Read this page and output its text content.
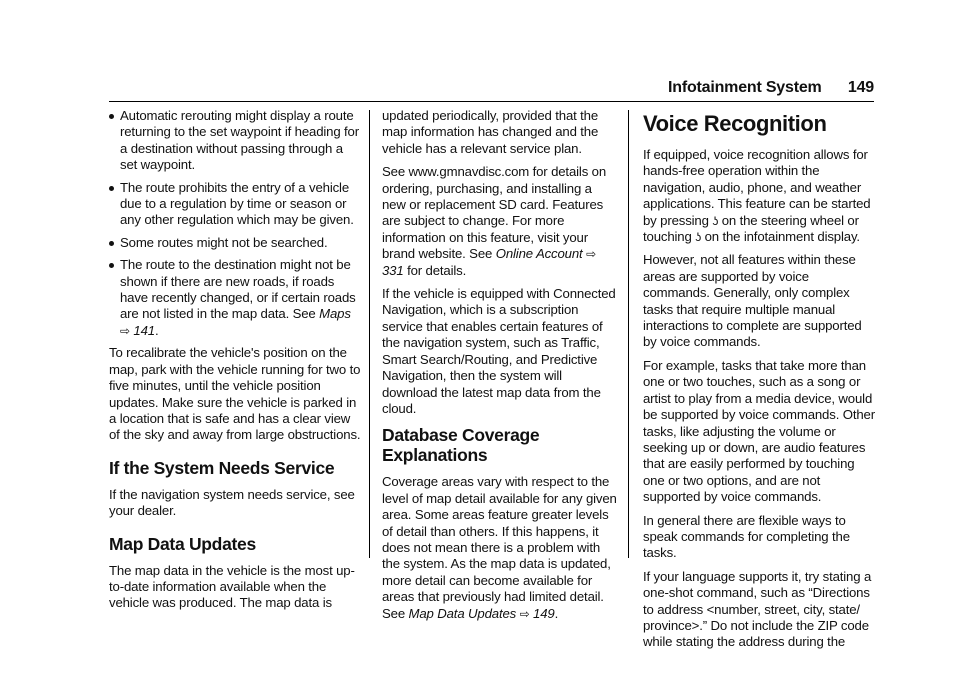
Infotainment System 149
Automatic rerouting might display a route returning to the set waypoint if heading for a destination without passing through a set waypoint.
The route prohibits the entry of a vehicle due to a regulation by time or season or any other regulation which may be given.
Some routes might not be searched.
The route to the destination might not be shown if there are new roads, if roads have recently changed, or if certain roads are not listed in the map data. See Maps
⇨ 141.

To recalibrate the vehicle's position on the map, park with the vehicle running for two to five minutes, until the vehicle position updates. Make sure the vehicle is parked in a location that is safe and has a clear view of the sky and away from large obstructions.

If the System Needs Service

If the navigation system needs service, see your dealer.

Map Data Updates

The map data in the vehicle is the most up-to-date information available when the vehicle was produced. The map data is

updated periodically, provided that the map information has changed and the vehicle has a relevant service plan.

See www.gmnavdisc.com for details on ordering, purchasing, and installing a new or replacement SD card. Features are subject to change. For more information on this feature, visit your brand website. See Online Account ⇨ 331 for details.

If the vehicle is equipped with Connected Navigation, which is a subscription service that enables certain features of the navigation system, such as Traffic, Smart Search/Routing, and Predictive Navigation, then the system will download the latest map data from the cloud.

Database Coverage Explanations

Coverage areas vary with respect to the level of map detail available for any given area. Some areas feature greater levels of detail than others. If this happens, it does not mean there is a problem with the system. As the map data is updated, more detail can become available for areas that previously had limited detail. See Map Data Updates ⇨ 149.

Voice Recognition

If equipped, voice recognition allows for hands-free operation within the navigation, audio, phone, and weather applications. This feature can be started by pressing ʖ on the steering wheel or touching ʖ on the infotainment display.

However, not all features within these areas are supported by voice commands. Generally, only complex tasks that require multiple manual interactions to complete are supported by voice commands.

For example, tasks that take more than one or two touches, such as a song or artist to play from a media device, would be supported by voice commands. Other tasks, like adjusting the volume or seeking up or down, are audio features that are easily performed by touching one or two options, and are not supported by voice commands.

In general there are flexible ways to speak commands for completing the tasks.

If your language supports it, try stating a one-shot command, such as “Directions to address <number, street, city, state/ province>.” Do not include the ZIP code while stating the address during the
